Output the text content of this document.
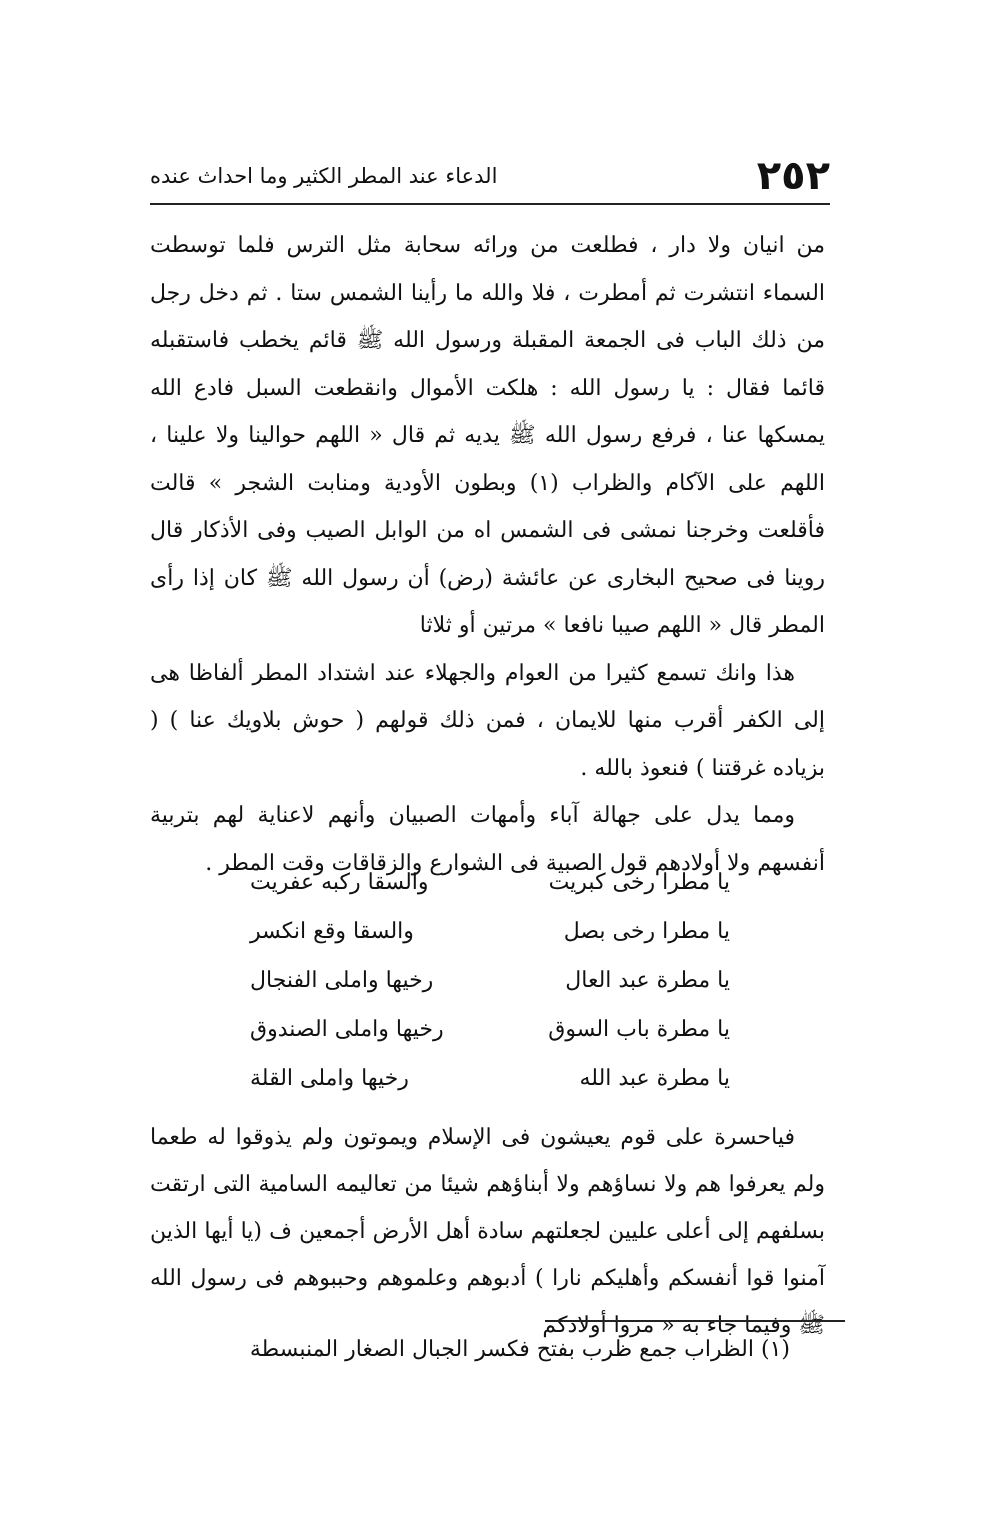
٢٥٢
الدعاء عند المطر الكثير وما احداث عنده

من انيان ولا دار ، فطلعت من ورائه سحابة مثل الترس فلما توسطت السماء انتشرت ثم أمطرت ، فلا والله ما رأينا الشمس ستا . ثم دخل رجل من ذلك الباب فى الجمعة المقبلة ورسول الله ﷺ قائم يخطب فاستقبله قائما فقال : يا رسول الله : هلكت الأموال وانقطعت السبل فادع الله يمسكها عنا ، فرفع رسول الله ﷺ يديه ثم قال « اللهم حوالينا ولا علينا ، اللهم على الآكام والظراب (١) وبطون الأودية ومنابت الشجر » قالت فأقلعت وخرجنا نمشى فى الشمس اه من الوابل الصيب وفى الأذكار قال روينا فى صحيح البخارى عن عائشة (رض) أن رسول الله ﷺ كان إذا رأى المطر قال « اللهم صيبا نافعا » مرتين أو ثلاثا

هذا وانك تسمع كثيرا من العوام والجهلاء عند اشتداد المطر ألفاظا هى إلى الكفر أقرب منها للايمان ، فمن ذلك قولهم ( حوش بلاويك عنا ) ( بزياده غرقتنا ) فنعوذ بالله .

ومما يدل على جهالة آباء وأمهات الصبيان وأنهم لاعناية لهم بتربية أنفسهم ولا أولادهم قول الصبية فى الشوارع والزقاقات وقت المطر .

يا مطرا رخى كبريت
والسقا ركبه عفريت
يا مطرا رخى بصل
والسقا وقع انكسر
يا مطرة عبد العال
رخيها واملى الفنجال
يا مطرة باب السوق
رخيها واملى الصندوق
يا مطرة عبد الله
رخيها واملى القلة

فياحسرة على قوم يعيشون فى الإسلام ويموتون ولم يذوقوا له طعما ولم يعرفوا هم ولا نساؤهم ولا أبناؤهم شيئا من تعاليمه السامية التى ارتقت بسلفهم إلى أعلى عليين لجعلتهم سادة أهل الأرض أجمعين ف (يا أيها الذين آمنوا قوا أنفسكم وأهليكم نارا ) أدبوهم وعلموهم وحببوهم فى رسول الله ﷺ وفيما جاء به « مروا أولادكم

(١) الظراب جمع ظرب بفتح فكسر الجبال الصغار المنبسطة
